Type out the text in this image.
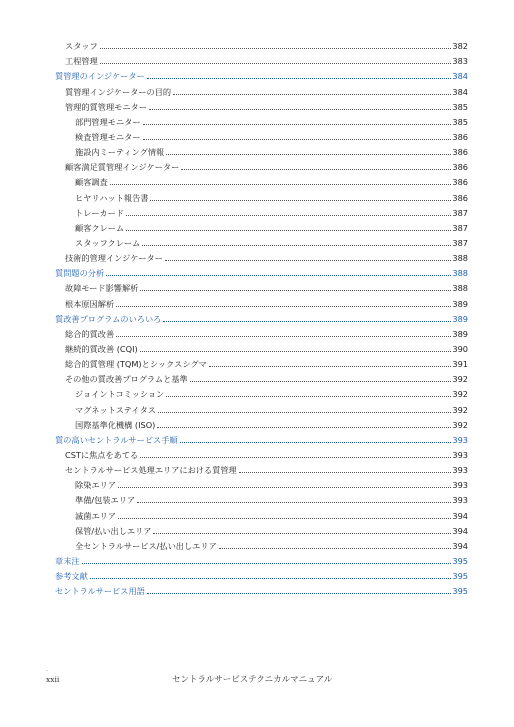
スタッフ	382
工程管理	383
質管理のインジケーター	384
質管理インジケーターの目的	384
管理的質管理モニター	385
部門管理モニター	385
検査管理モニター	386
施設内ミーティング情報	386
顧客満足質管理インジケーター	386
顧客調査	386
ヒヤリハット報告書	386
トレーカード	387
顧客クレーム	387
スタッフクレーム	387
技術的管理インジケーター	388
質問題の分析	388
故障モード影響解析	388
根本原因解析	389
質改善プログラムのいろいろ	389
総合的質改善	389
継続的質改善 (CQI)	390
総合的質管理 (TQM)とシックスシグマ	391
その他の質改善プログラムと基準	392
ジョイントコミッション	392
マグネットステイタス	392
国際基準化機構 (ISO)	392
質の高いセントラルサービス手順	393
CSTに焦点をあてる	393
セントラルサービス処理エリアにおける質管理	393
除染エリア	393
準備/包装エリア	393
滅菌エリア	394
保管/払い出しエリア	394
全セントラルサービス/払い出しエリア	394
章末注	395
参考文献	395
セントラルサービス用語	395
.
xxii	セントラルサービステクニカルマニュアル
